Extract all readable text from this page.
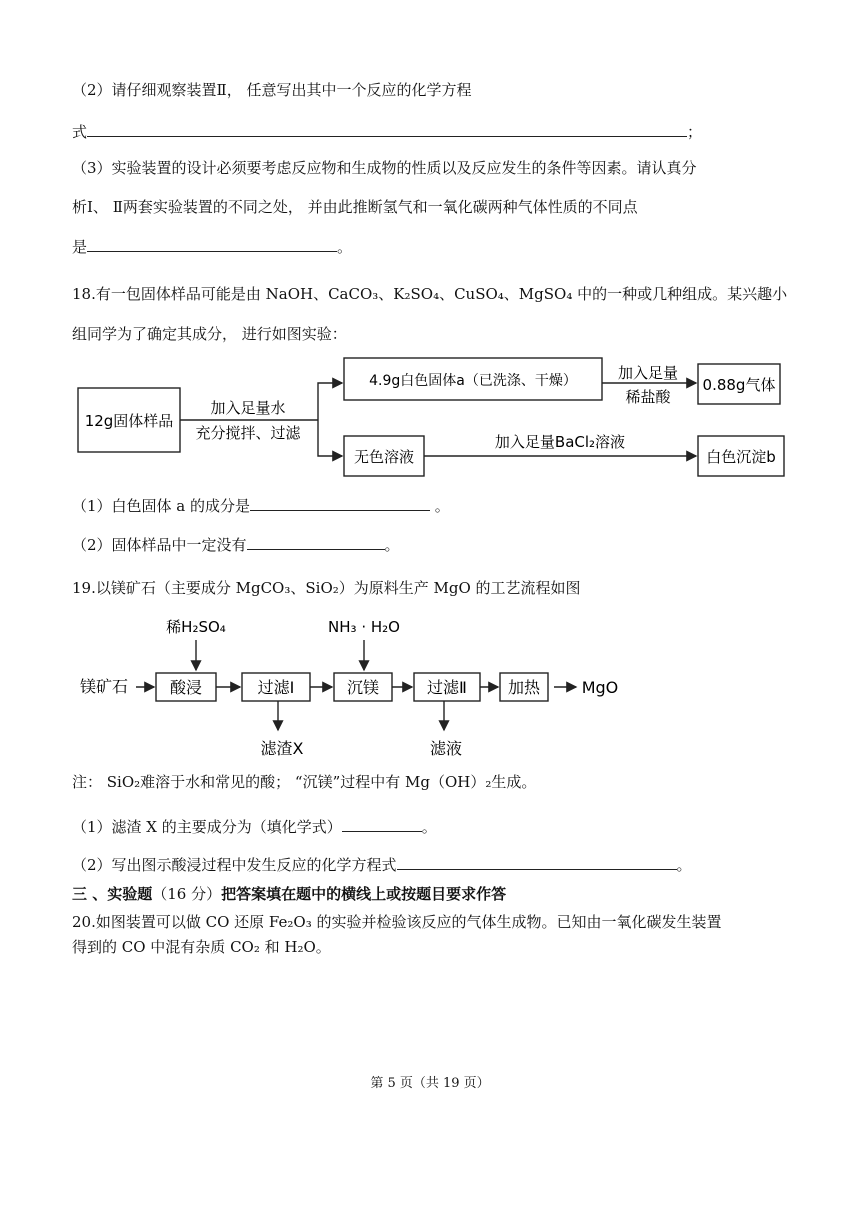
（2）请仔细观察装置Ⅱ， 任意写出其中一个反应的化学方程
式	；
（3）实验装置的设计必须要考虑反应物和生成物的性质以及反应发生的条件等因素。请认真分
析Ⅰ、 Ⅱ两套实验装置的不同之处， 并由此推断氢气和一氧化碳两种气体性质的不同点
是	。
18.有一包固体样品可能是由 NaOH、CaCO₃、K₂SO₄、CuSO₄、MgSO₄ 中的一种或几种组成。某兴趣小
组同学为了确定其成分， 进行如图实验：
12g固体样品
加入足量水
充分搅拌、过滤
4.9g白色固体a（已洗涤、干燥）	加入足量
稀盐酸
0.88g气体
无色溶液
加入足量BaCl₂溶液
白色沉淀b
（1）白色固体 a 的成分是	。
（2）固体样品中一定没有	。
19.以镁矿石（主要成分 MgCO₃、SiO₂）为原料生产 MgO 的工艺流程如图
稀H₂SO₄	NH₃ · H₂O
镁矿石	酸浸	过滤Ⅰ	沉镁	过滤Ⅱ	加热	MgO
滤渣X	滤液
注： SiO₂难溶于水和常见的酸； “沉镁”过程中有 Mg（OH）₂生成。
（1）滤渣 X 的主要成分为（填化学式）	。
（2）写出图示酸浸过程中发生反应的化学方程式	。
三 、实验题（16 分）把答案填在题中的横线上或按题目要求作答
20.如图装置可以做 CO 还原 Fe₂O₃ 的实验并检验该反应的气体生成物。已知由一氧化碳发生装置
得到的 CO 中混有杂质 CO₂ 和 H₂O。
第 5 页（共 19 页）
